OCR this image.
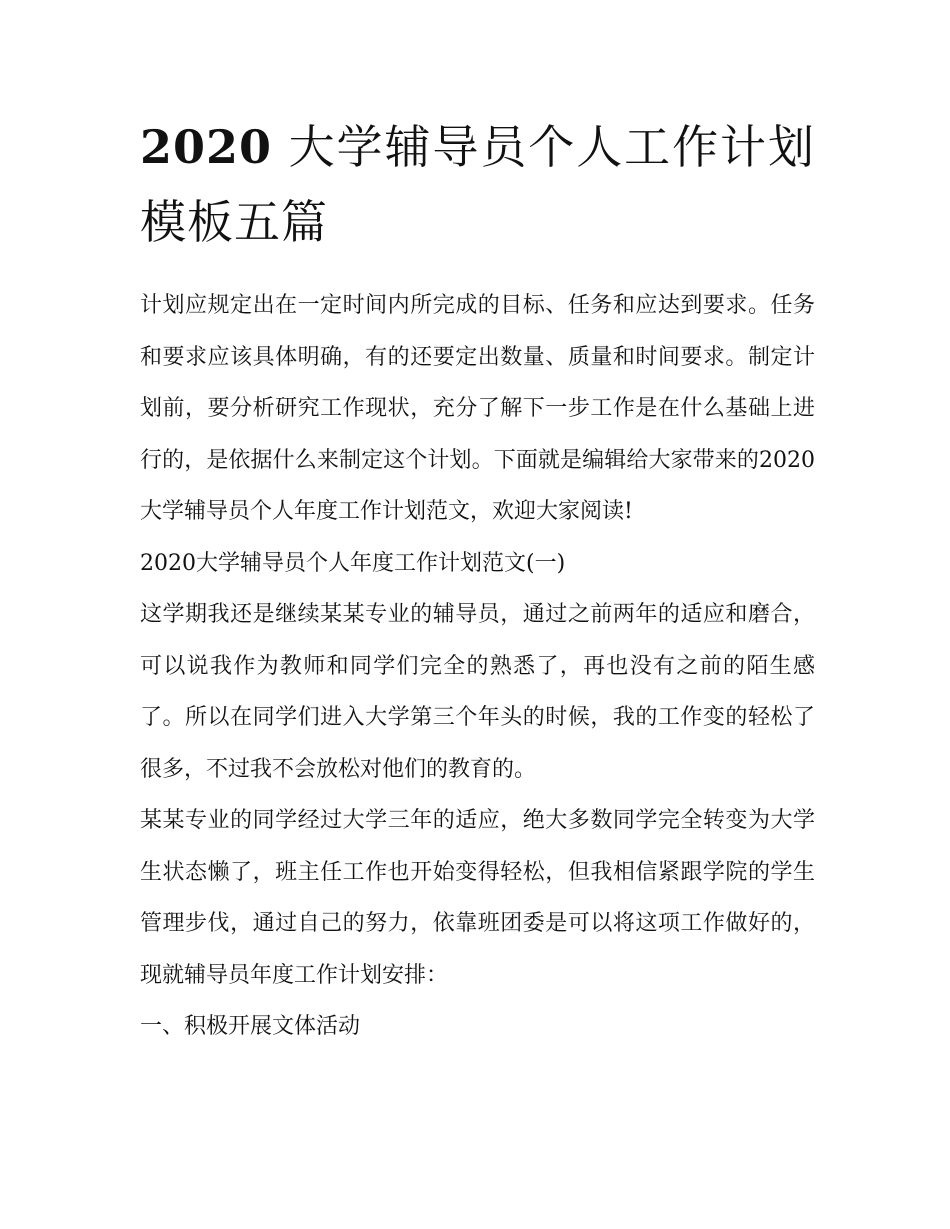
2020 大学辅导员个人工作计划模板五篇

计划应规定出在一定时间内所完成的目标、任务和应达到要求。任务和要求应该具体明确，有的还要定出数量、质量和时间要求。制定计划前，要分析研究工作现状，充分了解下一步工作是在什么基础上进行的，是依据什么来制定这个计划。下面就是编辑给大家带来的2020大学辅导员个人年度工作计划范文，欢迎大家阅读!

2020大学辅导员个人年度工作计划范文(一)

这学期我还是继续某某专业的辅导员，通过之前两年的适应和磨合，可以说我作为教师和同学们完全的熟悉了，再也没有之前的陌生感了。所以在同学们进入大学第三个年头的时候，我的工作变的轻松了很多，不过我不会放松对他们的教育的。

某某专业的同学经过大学三年的适应，绝大多数同学完全转变为大学生状态懒了，班主任工作也开始变得轻松，但我相信紧跟学院的学生管理步伐，通过自己的努力，依靠班团委是可以将这项工作做好的，现就辅导员年度工作计划安排：

一、积极开展文体活动
